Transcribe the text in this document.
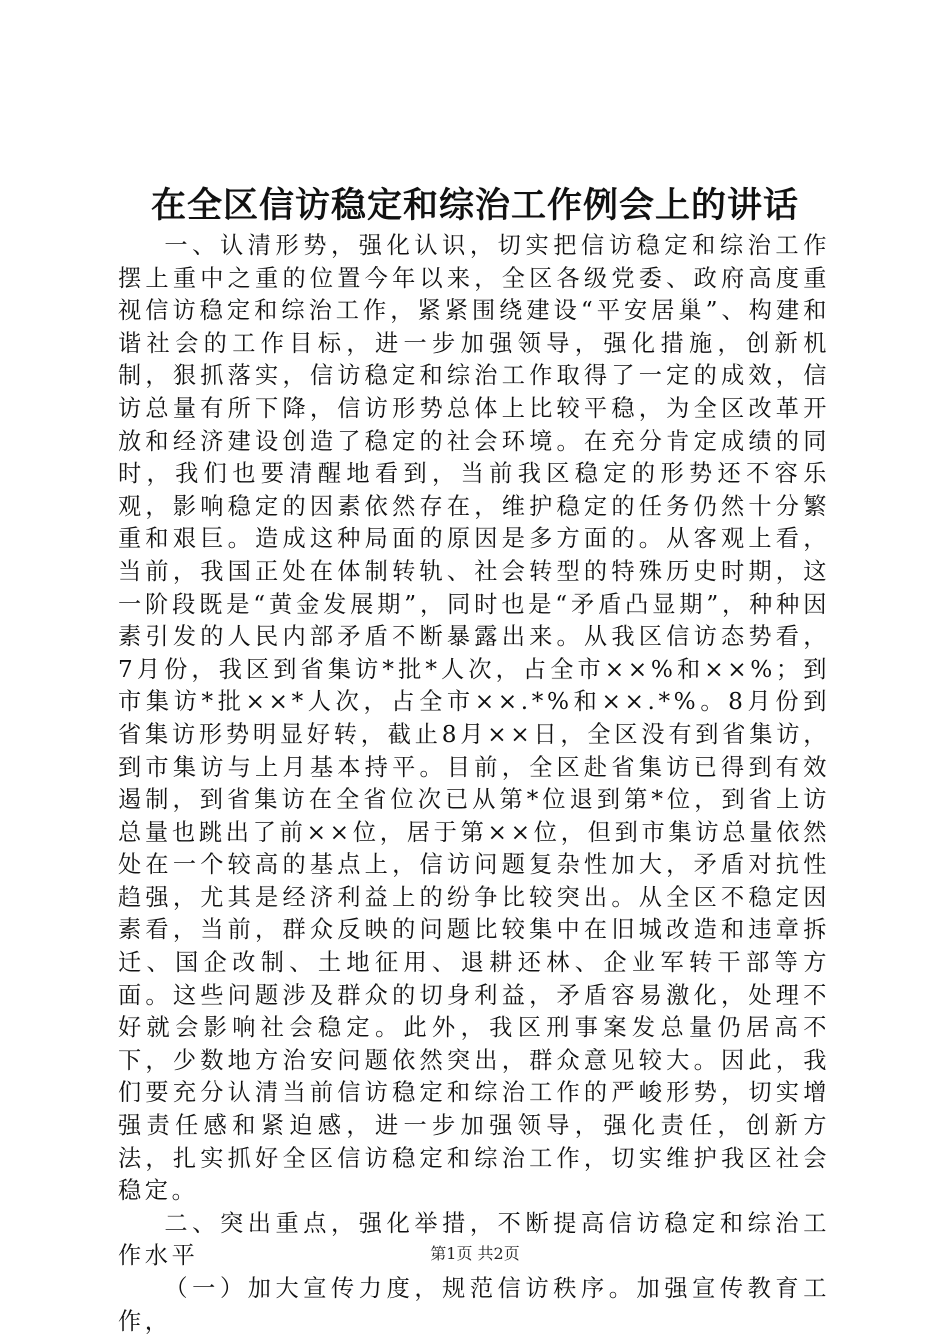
在全区信访稳定和综治工作例会上的讲话

一、认清形势，强化认识，切实把信访稳定和综治工作摆上重中之重的位置今年以来，全区各级党委、政府高度重视信访稳定和综治工作，紧紧围绕建设“平安居巢”、构建和谐社会的工作目标，进一步加强领导，强化措施，创新机制，狠抓落实，信访稳定和综治工作取得了一定的成效，信访总量有所下降，信访形势总体上比较平稳，为全区改革开放和经济建设创造了稳定的社会环境。在充分肯定成绩的同时，我们也要清醒地看到，当前我区稳定的形势还不容乐观，影响稳定的因素依然存在，维护稳定的任务仍然十分繁重和艰巨。造成这种局面的原因是多方面的。从客观上看，当前，我国正处在体制转轨、社会转型的特殊历史时期，这一阶段既是“黄金发展期”，同时也是“矛盾凸显期”，种种因素引发的人民内部矛盾不断暴露出来。从我区信访态势看，7月份，我区到省集访*批*人次，占全市××%和××%；到市集访*批××*人次，占全市××.*%和××.*%。8月份到省集访形势明显好转，截止8月××日，全区没有到省集访，到市集访与上月基本持平。目前，全区赴省集访已得到有效遏制，到省集访在全省位次已从第*位退到第*位，到省上访总量也跳出了前××位，居于第××位，但到市集访总量依然处在一个较高的基点上，信访问题复杂性加大，矛盾对抗性趋强，尤其是经济利益上的纷争比较突出。从全区不稳定因素看，当前，群众反映的问题比较集中在旧城改造和违章拆迁、国企改制、土地征用、退耕还林、企业军转干部等方面。这些问题涉及群众的切身利益，矛盾容易激化，处理不好就会影响社会稳定。此外，我区刑事案发总量仍居高不下，少数地方治安问题依然突出，群众意见较大。因此，我们要充分认清当前信访稳定和综治工作的严峻形势，切实增强责任感和紧迫感，进一步加强领导，强化责任，创新方法，扎实抓好全区信访稳定和综治工作，切实维护我区社会稳定。

二、突出重点，强化举措，不断提高信访稳定和综治工作水平

（一）加大宣传力度，规范信访秩序。加强宣传教育工作，

第1页 共2页
